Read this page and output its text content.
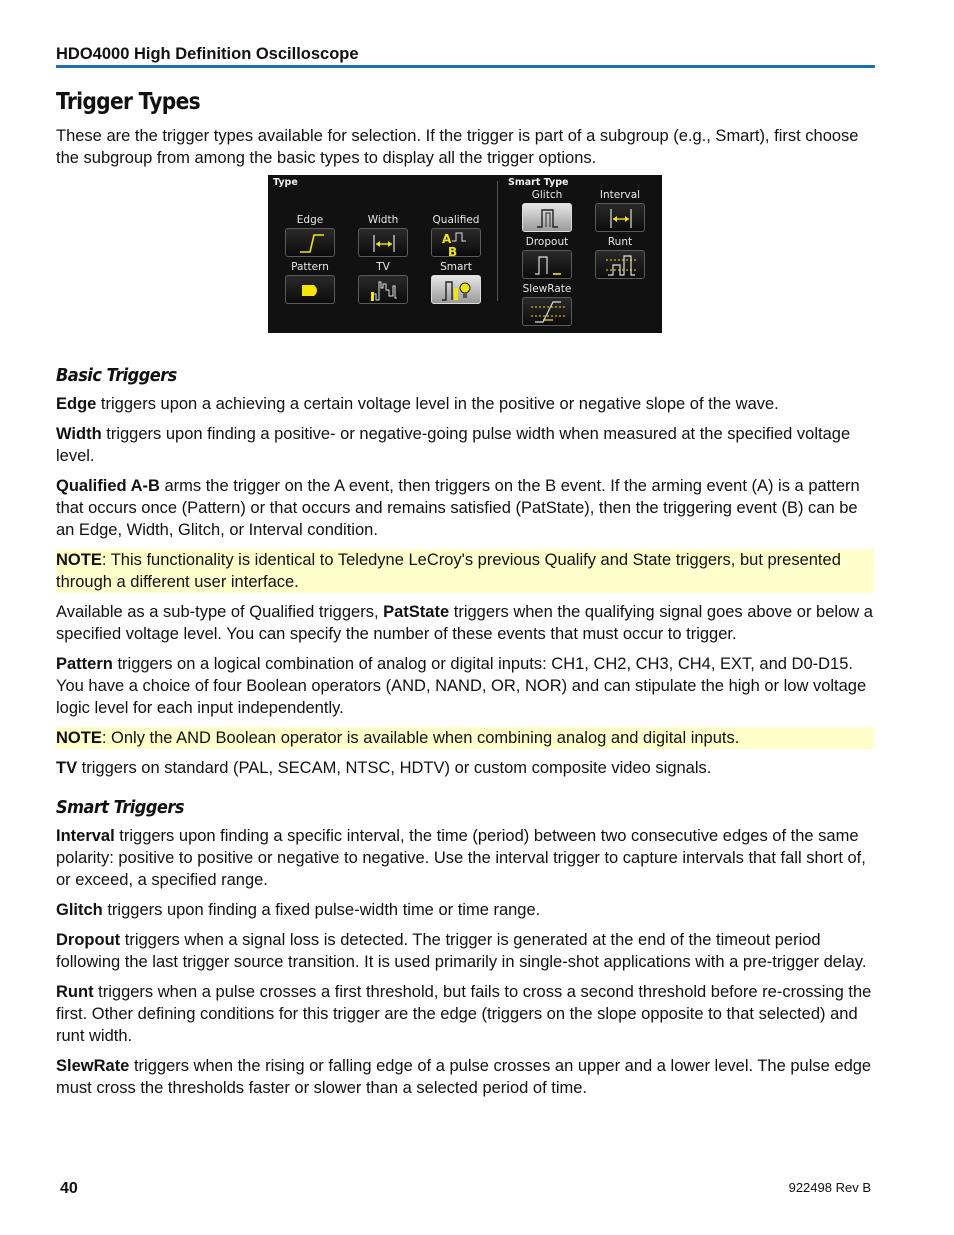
HDO4000 High Definition Oscilloscope
Trigger Types

These are the trigger types available for selection. If the trigger is part of a subgroup (e.g., Smart), first choose the subgroup from among the basic types to display all the trigger options.

Type	Smart Type
Edge	Width	Qualified
A
B
Pattern	TV	Smart
Glitch	Interval
Dropout	Runt
SlewRate
Basic Triggers

Edge triggers upon a achieving a certain voltage level in the positive or negative slope of the wave.

Width triggers upon finding a positive- or negative-going pulse width when measured at the specified voltage level.

Qualified A-B arms the trigger on the A event, then triggers on the B event. If the arming event (A) is a pattern that occurs once (Pattern) or that occurs and remains satisfied (PatState), then the triggering event (B) can be an Edge, Width, Glitch, or Interval condition.

NOTE: This functionality is identical to Teledyne LeCroy's previous Qualify and State triggers, but presented through a different user interface.

Available as a sub-type of Qualified triggers, PatState triggers when the qualifying signal goes above or below a specified voltage level. You can specify the number of these events that must occur to trigger.

Pattern triggers on a logical combination of analog or digital inputs: CH1, CH2, CH3, CH4, EXT, and D0-D15. You have a choice of four Boolean operators (AND, NAND, OR, NOR) and can stipulate the high or low voltage logic level for each input independently.

NOTE: Only the AND Boolean operator is available when combining analog and digital inputs.

TV triggers on standard (PAL, SECAM, NTSC, HDTV) or custom composite video signals.

Smart Triggers

Interval triggers upon finding a specific interval, the time (period) between two consecutive edges of the same polarity: positive to positive or negative to negative. Use the interval trigger to capture intervals that fall short of, or exceed, a specified range.

Glitch triggers upon finding a fixed pulse-width time or time range.

Dropout triggers when a signal loss is detected. The trigger is generated at the end of the timeout period following the last trigger source transition. It is used primarily in single-shot applications with a pre-trigger delay.

Runt triggers when a pulse crosses a first threshold, but fails to cross a second threshold before re-crossing the first. Other defining conditions for this trigger are the edge (triggers on the slope opposite to that selected) and runt width.

SlewRate triggers when the rising or falling edge of a pulse crosses an upper and a lower level. The pulse edge must cross the thresholds faster or slower than a selected period of time.

40	922498 Rev B
